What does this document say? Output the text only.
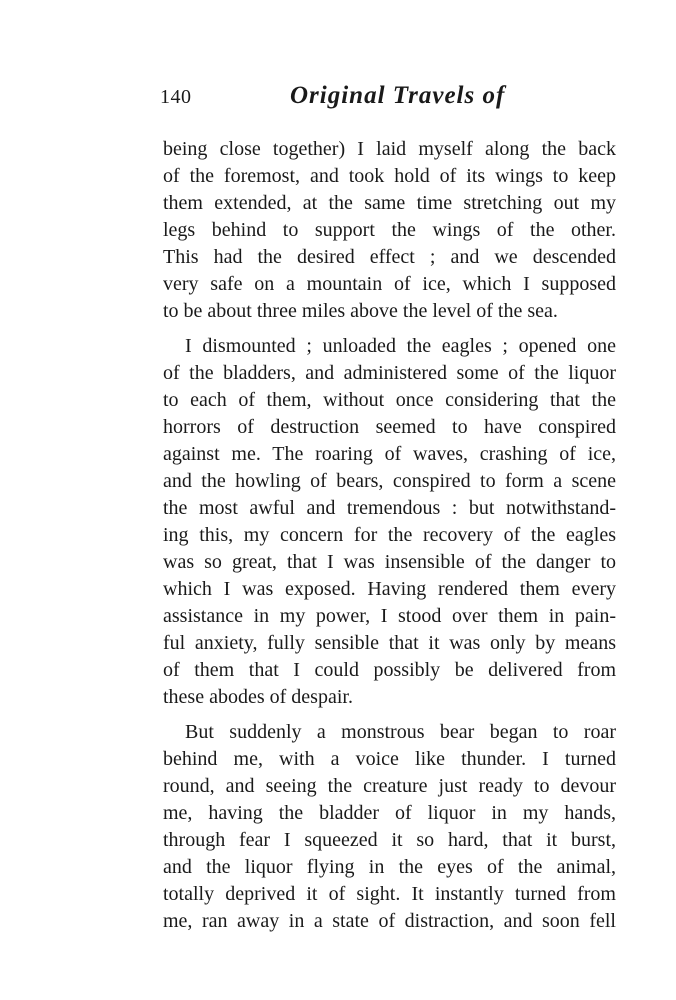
140	Original Travels of
being close together) I laid myself along the back
of the foremost, and took hold of its wings to keep
them extended, at the same time stretching out my
legs behind to support the wings of the other.
This had the desired effect ; and we descended
very safe on a mountain of ice, which I supposed
to be about three miles above the level of the sea.
I dismounted ; unloaded the eagles ; opened one
of the bladders, and administered some of the liquor
to each of them, without once considering that the
horrors of destruction seemed to have conspired
against me. The roaring of waves, crashing of ice,
and the howling of bears, conspired to form a scene
the most awful and tremendous : but notwithstand-
ing this, my concern for the recovery of the eagles
was so great, that I was insensible of the danger to
which I was exposed. Having rendered them every
assistance in my power, I stood over them in pain-
ful anxiety, fully sensible that it was only by means
of them that I could possibly be delivered from
these abodes of despair.
But suddenly a monstrous bear began to roar
behind me, with a voice like thunder. I turned
round, and seeing the creature just ready to devour
me, having the bladder of liquor in my hands,
through fear I squeezed it so hard, that it burst,
and the liquor flying in the eyes of the animal,
totally deprived it of sight. It instantly turned from
me, ran away in a state of distraction, and soon fell
